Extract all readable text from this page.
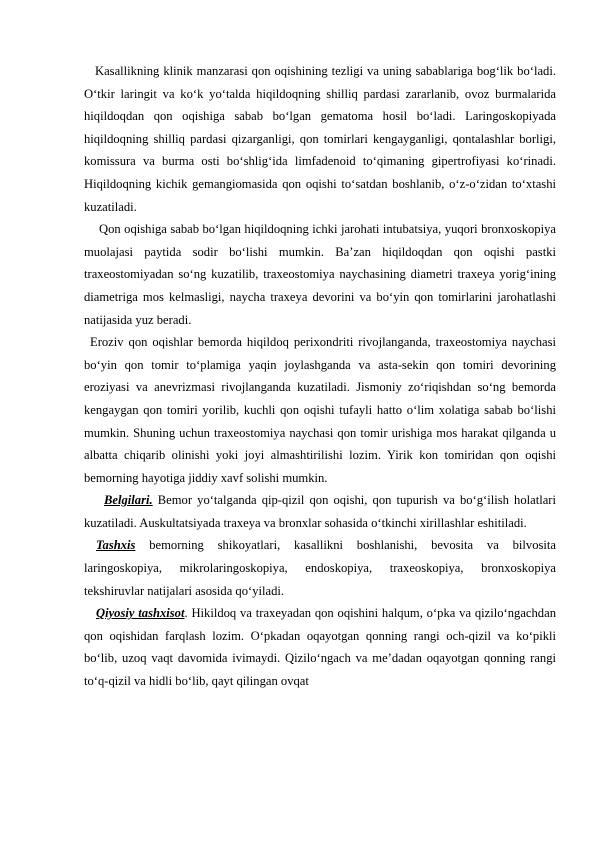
Kasallikning klinik manzarasi qon oqishining tezligi va uning sabablariga bog‘lik bo‘ladi. O‘tkir laringit va ko‘k yo‘talda hiqildoqning shilliq pardasi zararlanib, ovoz burmalarida hiqildoqdan qon oqishiga sabab bo‘lgan gematoma hosil bo‘ladi. Laringoskopiyada hiqildoqning shilliq pardasi qizarganligi, qon tomirlari kengayganligi, qontalashlar borligi, komissura va burma osti bo‘shlig‘ida limfadenoid to‘qimaning gipertrofiyasi ko‘rinadi. Hiqildoqning kichik gemangiomasida qon oqishi to‘satdan boshlanib, o‘z-o‘zidan to‘xtashi kuzatiladi.

Qon oqishiga sabab bo‘lgan hiqildoqning ichki jarohati intubatsiya, yuqori bronxoskopiya muolajasi paytida sodir bo‘lishi mumkin. Ba’zan hiqildoqdan qon oqishi pastki traxeostomiyadan so‘ng kuzatilib, traxeostomiya naychasining diametri traxeya yorig‘ining diametriga mos kelmasligi, naycha traxeya devorini va bo‘yin qon tomirlarini jarohatlashi natijasida yuz beradi.

Eroziv qon oqishlar bemorda hiqildoq perixondriti rivojlanganda, traxeostomiya naychasi bo‘yin qon tomir to‘plamiga yaqin joylashganda va asta-sekin qon tomiri devorining eroziyasi va anevrizmasi rivojlanganda kuzatiladi. Jismoniy zo‘riqishdan so‘ng bemorda kengaygan qon tomiri yorilib, kuchli qon oqishi tufayli hatto o‘lim xolatiga sabab bo‘lishi mumkin. Shuning uchun traxeostomiya naychasi qon tomir urishiga mos harakat qilganda u albatta chiqarib olinishi yoki joyi almashtirilishi lozim. Yirik kon tomiridan qon oqishi bemorning hayotiga jiddiy xavf solishi mumkin.

Belgilari. Bemor yo‘talganda qip-qizil qon oqishi, qon tupurish va bo‘g‘ilish holatlari kuzatiladi. Auskultatsiyada traxeya va bronxlar sohasida o‘tkinchi xirillashlar eshitiladi.

Tashxis bemorning shikoyatlari, kasallikni boshlanishi, bevosita va bilvosita laringoskopiya, mikrolaringoskopiya, endoskopiya, traxeoskopiya, bronxoskopiya tekshiruvlar natijalari asosida qo‘yiladi.

Qiyosiy tashxisot. Hikildoq va traxeyadan qon oqishini halqum, o‘pka va qizilo‘ngachdan qon oqishidan farqlash lozim. O‘pkadan oqayotgan qonning rangi och-qizil va ko‘pikli bo‘lib, uzoq vaqt davomida ivimaydi. Qizilo‘ngach va me’dadan oqayotgan qonning rangi to‘q-qizil va hidli bo‘lib, qayt qilingan ovqat
